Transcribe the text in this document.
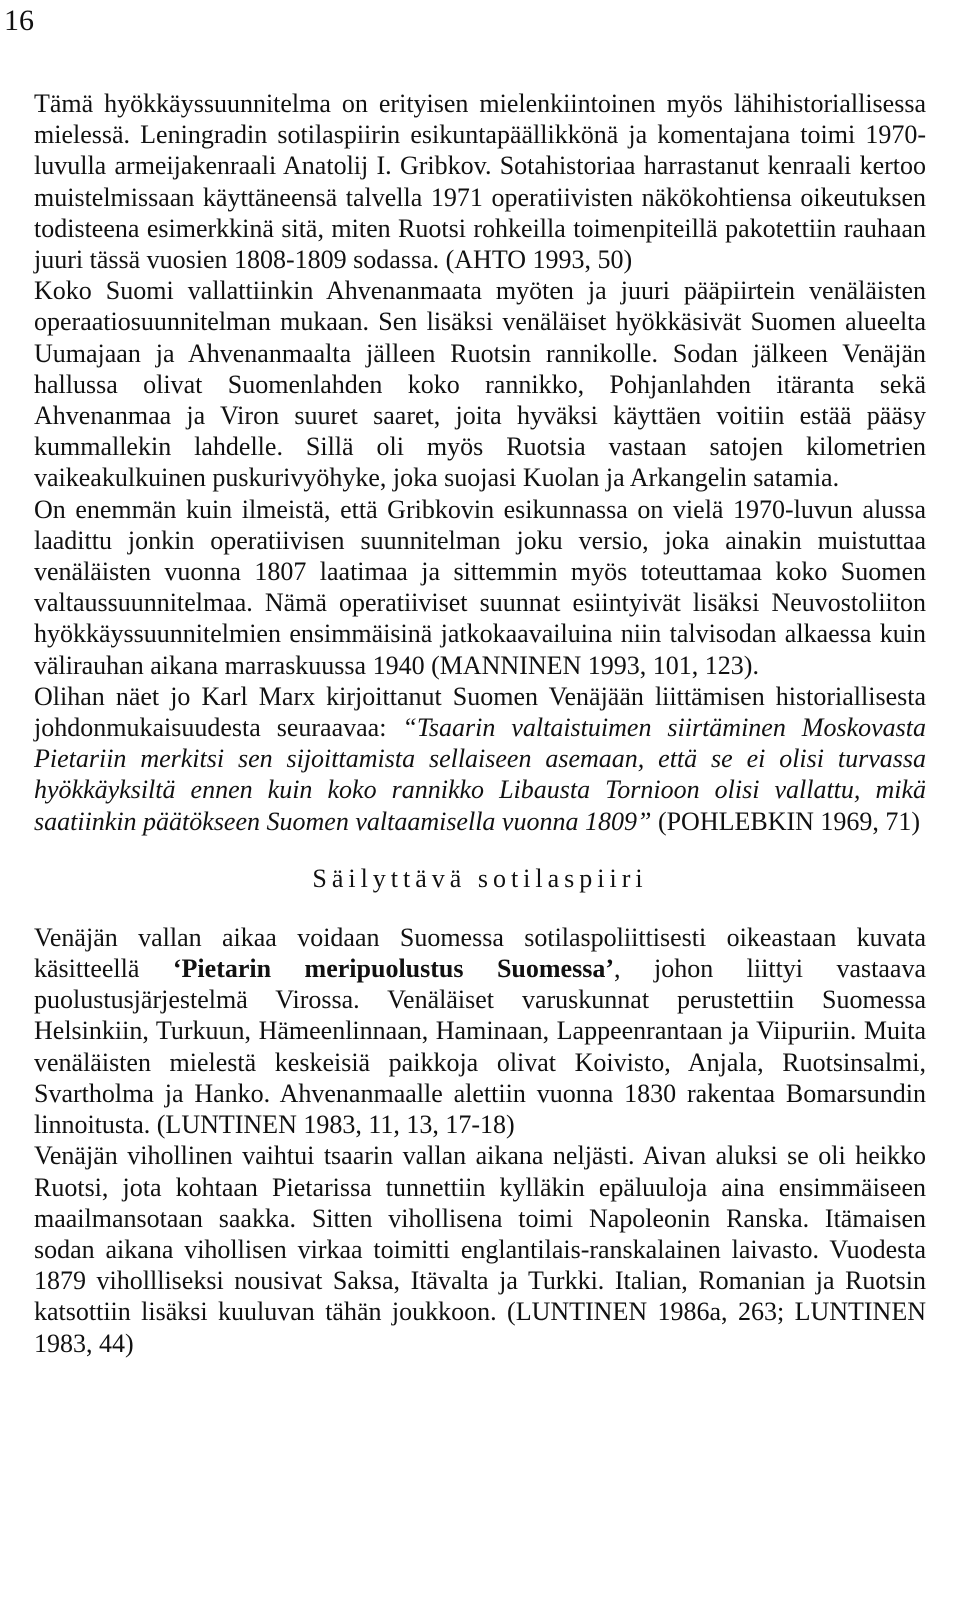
16

Tämä hyökkäyssuunnitelma on erityisen mielenkiintoinen myös lähihistoriallisessa mielessä. Leningradin sotilaspiirin esikuntapäällikkönä ja komentajana toimi 1970-luvulla armeijakenraali Anatolij I. Gribkov. Sotahistoriaa harrastanut kenraali kertoo muistelmissaan käyttäneensä talvella 1971 operatiivisten näkökohtiensa oikeutuksen todisteena esimerkkinä sitä, miten Ruotsi rohkeilla toimenpiteillä pakotettiin rauhaan juuri tässä vuosien 1808-1809 sodassa. (AHTO 1993, 50)

Koko Suomi vallattiinkin Ahvenanmaata myöten ja juuri pääpiirtein venäläisten operaatiosuunnitelman mukaan. Sen lisäksi venäläiset hyökkäsivät Suomen alueelta Uumajaan ja Ahvenanmaalta jälleen Ruotsin rannikolle. Sodan jälkeen Venäjän hallussa olivat Suomenlahden koko rannikko, Pohjanlahden itäranta sekä Ahvenanmaa ja Viron suuret saaret, joita hyväksi käyttäen voitiin estää pääsy kummallekin lahdelle. Sillä oli myös Ruotsia vastaan satojen kilometrien vaikeakulkuinen puskurivyöhyke, joka suojasi Kuolan ja Arkangelin satamia.

On enemmän kuin ilmeistä, että Gribkovin esikunnassa on vielä 1970-luvun alussa laadittu jonkin operatiivisen suunnitelman joku versio, joka ainakin muistuttaa venäläisten vuonna 1807 laatimaa ja sittemmin myös toteuttamaa koko Suomen valtaussuunnitelmaa. Nämä operatiiviset suunnat esiintyivät lisäksi Neuvostoliiton hyökkäyssuunnitelmien ensimmäisinä jatkokaavailuina niin talvisodan alkaessa kuin välirauhan aikana marraskuussa 1940 (MANNINEN 1993, 101, 123).

Olihan näet jo Karl Marx kirjoittanut Suomen Venäjään liittämisen historiallisesta johdonmukaisuudesta seuraavaa: “Tsaarin valtaistuimen siirtäminen Moskovasta Pietariin merkitsi sen sijoittamista sellaiseen asemaan, että se ei olisi turvassa hyökkäyksiltä ennen kuin koko rannikko Libausta Tornioon olisi vallattu, mikä saatiinkin päätökseen Suomen valtaamisella vuonna 1809” (POHLEBKIN 1969, 71)

Säilyttävä sotilaspiiri

Venäjän vallan aikaa voidaan Suomessa sotilaspoliittisesti oikeastaan kuvata käsitteellä ‘Pietarin meripuolustus Suomessa’, johon liittyi vastaava puolustusjärjestelmä Virossa. Venäläiset varuskunnat perustettiin Suomessa Helsinkiin, Turkuun, Hämeenlinnaan, Haminaan, Lappeenrantaan ja Viipuriin. Muita venäläisten mielestä keskeisiä paikkoja olivat Koivisto, Anjala, Ruotsinsalmi, Svartholma ja Hanko. Ahvenanmaalle alettiin vuonna 1830 rakentaa Bomarsundin linnoitusta. (LUNTINEN 1983, 11, 13, 17-18)

Venäjän vihollinen vaihtui tsaarin vallan aikana neljästi. Aivan aluksi se oli heikko Ruotsi, jota kohtaan Pietarissa tunnettiin kylläkin epäluuloja aina ensimmäiseen maailmansotaan saakka. Sitten vihollisena toimi Napoleonin Ranska. Itämaisen sodan aikana vihollisen virkaa toimitti englantilais-ranskalainen laivasto. Vuodesta 1879 vihollliseksi nousivat Saksa, Itävalta ja Turkki. Italian, Romanian ja Ruotsin katsottiin lisäksi kuuluvan tähän joukkoon. (LUNTINEN 1986a, 263; LUNTINEN 1983, 44)
